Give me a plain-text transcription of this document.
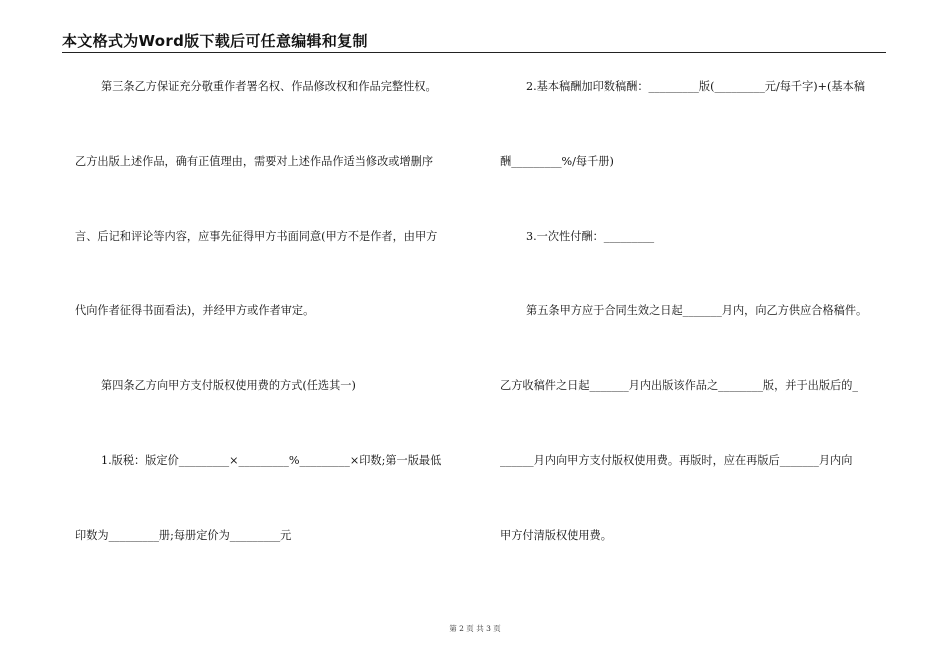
本文格式为Word版下载后可任意编辑和复制
第三条乙方保证充分敬重作者署名权、作品修改权和作品完整性权。
乙方出版上述作品，确有正值理由，需要对上述作品作适当修改或增删序
言、后记和评论等内容，应事先征得甲方书面同意(甲方不是作者，由甲方
代向作者征得书面看法)，并经甲方或作者审定。
第四条乙方向甲方支付版权使用费的方式(任选其一)
1.版税：版定价_________×_________%_________×印数;第一版最低
印数为_________册;每册定价为_________元
2.基本稿酬加印数稿酬：_________版(_________元/每千字)+(基本稿
酬_________%/每千册)
3.一次性付酬：_________
第五条甲方应于合同生效之日起_______月内，向乙方供应合格稿件。
乙方收稿件之日起_______月内出版该作品之________版，并于出版后的_
______月内向甲方支付版权使用费。再版时，应在再版后_______月内向
甲方付清版权使用费。
第 2 页 共 3 页
